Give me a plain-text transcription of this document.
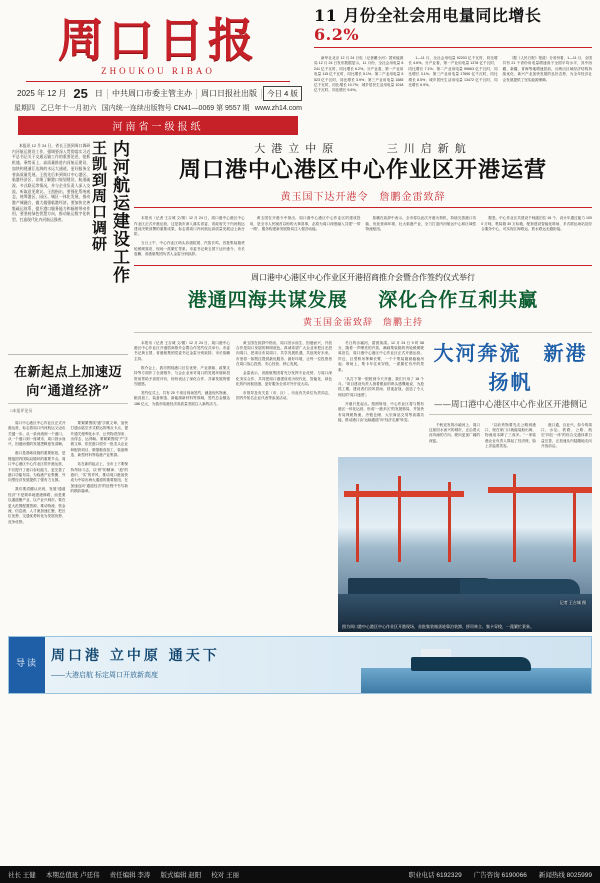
周口日报
ZHOUKOU RIBAO
2025 年 12 月 25 日	中共周口市委主管主办	周口日报社出版	今日 4 版
星期四 乙巳年十一月初六 国内统一连续出版物号 CN41—0069 第 9557 期 www.zh14.com
河南省一级报纸
11 月份全社会用电量同比增长 6.2%

新华社北京 12 月 24 日电（记者戴小河）国家能源局 12 月 24 日发布数据显示，11 月份，全社会用电量 8241 亿千瓦时，同比增长 6.2%。分产业看，第一产业用电量 115 亿千瓦时，同比增长 5.1%；第二产业用电量 5523 亿千瓦时，同比增长 3.9%；第三产业用电量 1585 亿千瓦时，同比增长 10.7%；城乡居民生活用电量 1018 亿千瓦时，同比增长 9.6%。

1—11 月，全社会用电量 92203 亿千瓦时，同比增长 4.6%。分产业看，第一产业用电量 1378 亿千瓦时，同比增长 7.1%；第二产业用电量 59663 亿千瓦时，同比增长 3.1%；第三产业用电量 17690 亿千瓦时，同比增长 8.5%；城乡居民生活用电量 13472 亿千瓦时，同比增长 6.9%。

（据《人民日报》报道）分省份看，1—11 月，全国共有 21 个省份用电量增速高于全国平均水平，其中西藏、新疆、青海等地增速居前，反映出区域经济结构持续优化、新兴产业加快发展的良好态势，为全年经济社会发展提供了坚实能源保障。

内河航运建设工作
王凯到周口调研

本报讯 12 月 24 日，省长王凯到周口调研内河航运建设工作，强调要深入贯彻落实习近平总书记关于交通运输工作的重要论述，抢抓机遇、乘势而上，高质量推进内河航运建设，加快构建通江达海的水运大通道，更好服务全省高质量发展。王凯先后来到周口中心港区、临港经济区，详细了解港口规划建设、航道疏浚、多式联运等情况，并与企业负责人深入交流，听取意见建议。王凯指出，要强化系统观念，统筹港区、园区、城区一体化发展，推动港产城融合，做大做强临港经济。要加快完善集疏运体系，提升港口服务能力和辐射带动作用。要坚持绿色智慧方向，推动航运数字化转型，打造现代化内河航运强省。

在新起点上加速迈向“通道经济”
□本报评论员

周口中心港区中心作业区正式开港运营，标志着周口内河航运又迈出关键一步。从一条河流到一个港口，从一个港口到一座城市，周口因水而兴、因港而强的发展逻辑愈发清晰。

港口是基础设施的重要枢纽，是链接国内国际双循环的重要节点。周口中心港区中心作业区的开港运营，不仅提升了港口吞吐能力，更完善了港口功能布局，为临港产业集聚、外向型经济发展提供了强有力支撑。

我们要清醒认识到，发展“通道经济”不是简单地建港修路，而是要以通道聚产业、以产业兴城市。要在更大范围配置资源，推动物流、资金流、信息流、人才流加速汇聚，把区位优势、交通优势转化为发展优势、竞争优势。

要紧紧围绕“通”字做文章，加快打通水陆空多式联运的堵点卡点，提升通关便利化水平，让货物进得来、出得去、运得畅。要紧紧围绕“产”字做文章，依托港口招引一批龙头企业和配套项目，做强粮食加工、装备制造、新型材料等临港产业集群。

站在新的起点上，全市上下要保持昂扬斗志，以“拼”的精神、“抢”的意识、“实”的作风，推动周口港加快成为中原出海大通道的重要枢纽，在加速迈向“通道经济”的征程中书写新的精彩篇章。

大港立中原	三川启新航
周口港中心港区中心作业区开港运营
黄玉国下达开港令　詹鹏金雷致辞

本报讯（记者 王吉城 文/图）12 月 24 日，周口港中心港区中心作业区正式开港运营，这是我市深入落实省委、省政府关于内河航运建设决策部署的重要成果，标志着周口内河航运高质量发展迈上新台阶。

当日上午，中心作业区码头彩旗招展、汽笛长鸣，首批集装箱货轮缓缓靠泊，现场一派繁忙景象。市委书记黄玉国下达开港令，市长詹鹏、省港航集团负责人金雷分别致辞。

黄玉国在开港令中指出，周口港中心港区中心作业区的建成投用，是全市人民翘首以盼的大事喜事，必将为周口深度融入共建“一带一路”、服务构建新发展格局注入强劲动能。

詹鹏在致辞中表示，全市将以此次开港为契机，持续完善港口功能、优化营商环境、壮大临港产业，全力打造内河航运中心和区域性物流枢纽。

据悉，中心作业区共建设千吨级泊位 16 个，设计年通过能力 1000 万吨、集装箱 30 万标箱，配套建设智能化堆场、多式联运场站及综合服务中心，可实现江海联运、铁水联运无缝衔接。

周口港中心港区中心作业区开港招商推介会暨合作签约仪式举行
港通四海共谋发展 深化合作互利共赢
黄玉国金雷致辞　詹鹏主持

本报讯（记者 王吉城 文/图）12 月 24 日，周口港中心港区中心作业区开港招商推介会暨合作签约仪式举行。市委书记黄玉国、省港航集团党委书记金雷分别致辞，市长詹鹏主持。

推介会上，我市围绕港口区位优势、产业基础、政策支持等方面作了全面推介，与会企业家对周口的发展环境和投资前景给予高度评价，纷纷表达了深化合作、共谋发展的强烈意愿。

签约仪式上，共有 20 个项目现场签约，涵盖现代物流、粮食加工、装备制造、新能源新材料等领域，签约总金额达 186 亿元，为我市临港经济高质量发展注入新的活力。

黄玉国在致辞中指出，周口因水而生、因港而兴，开放合作是周口发展的鲜明底色。真诚希望广大企业家把目光投向周口、把项目布局周口，共享发展机遇、共创美好未来。市里将一如既往提供最优服务、最好环境，让每一位投资者在周口放心投资、安心经营、舒心发展。

金雷表示，省港航集团将充分发挥专业优势，与周口深化务实合作，共同把周口港建设成为现代化、智能化、绿色化的内河枢纽港，更好服务全省对外开放大局。

市领导及有关县（市、区）、市直有关单位负责同志，国内外知名企业代表等参加活动。

冬日的沙颍河，碧波荡漾。12 月 24 日 9 时 58 分，随着一声嘹亮的汽笛，满载集装箱的货轮缓缓驶离泊位，周口港中心港区中心作业区正式开港运营。岸边，巨型桥吊挥舞长臂，一个个集装箱被稳稳吊起；堆场上，集卡车往来穿梭，一派繁忙有序的景象。

“从打下第一根桩到今天开港，我们只用了 18 个月。”项目建设负责人指着眼前的码头感慨地说，为抢抓工期，建设者们顶风冒雨、昼夜奋战，创造了令人惊叹的“周口速度”。

开港只是起点。按照规划，中心作业区将与既有港区一体化运营，形成“一港多区”的发展格局，并加快布局保税物流、冷链仓储、大宗商品交易等高端功能，推动港口由“运输通道”向“经济走廊”转变。

大河奔流　新港扬帆
——周口港中心港区中心作业区开港侧记

千帆竞发的沙颍河上，周口这座因水而兴的城市，正沿着大河奔涌的方向，驶向更加广阔的深蓝。

“以前货物要先走公路到港口，现在家门口就能装船出海，物流成本降了三成多。”一家临港企业负责人算起了经济账，脸上洋溢着笑容。

港口通，百业兴。如今的周口，水运、铁路、公路、航空“四位一体”的综合交通体系日益完善，正加速从内陆腹地走向开放前沿。

记者 王吉城 摄
图为周口港中心港区中心作业区开港现场，首批集装箱货轮靠泊装卸，桥吊林立、集卡穿梭，一派繁忙景象。
导读
周口港 立中原 通天下
——大港启航 标定周口开放新高度
社长 王健 本期总值班 卢廷伟 责任编辑 李涛 版式编辑 赵阳 校对 王丽	职业电话 6192329 广告咨询 6190066 新闻热线 8025999
